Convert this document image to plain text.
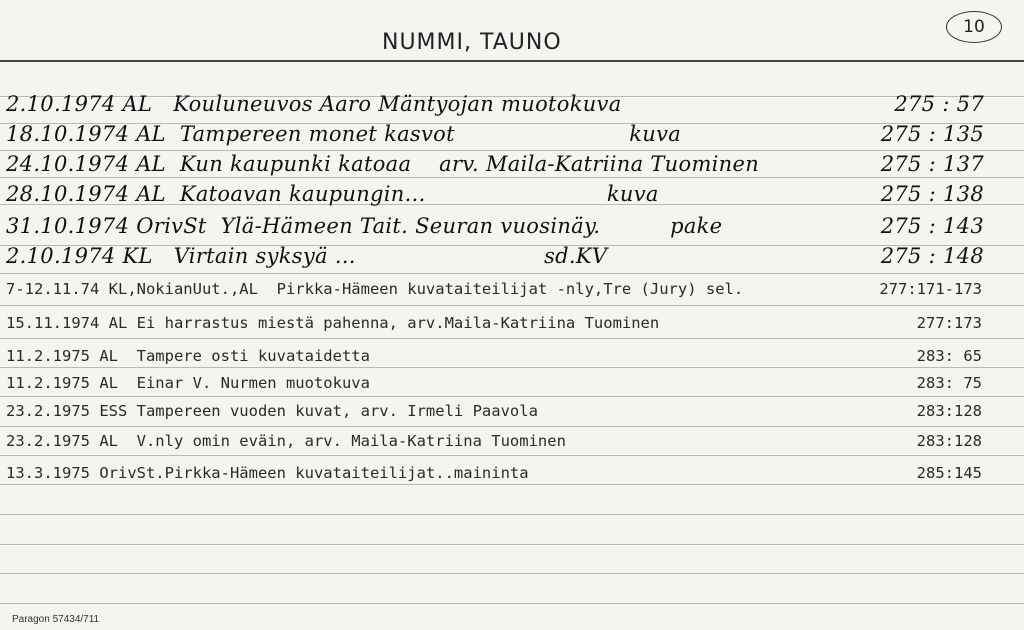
NUMMI, TAUNO
10
2.10.1974 AL   Kouluneuvos Aaro Mäntyojan muotokuva	275 : 57
18.10.1974 AL  Tampereen monet kasvot                         kuva	275 : 135
24.10.1974 AL  Kun kaupunki katoaa    arv. Maila-Katriina Tuominen	275 : 137
28.10.1974 AL  Katoavan kaupungin...                          kuva	275 : 138
31.10.1974 OrivSt  Ylä-Hämeen Tait. Seuran vuosinäy.          pake	275 : 143
2.10.1974 KL   Virtain syksyä ...                           sd.KV	275 : 148
7-12.11.74 KL,NokianUut.,AL  Pirkka-Hämeen kuvataiteilijat -nly,Tre (Jury) sel.	277:171-173
15.11.1974 AL Ei harrastus miestä pahenna, arv.Maila-Katriina Tuominen	277:173
11.2.1975 AL  Tampere osti kuvataidetta	283: 65
11.2.1975 AL  Einar V. Nurmen muotokuva	283: 75
23.2.1975 ESS Tampereen vuoden kuvat, arv. Irmeli Paavola	283:128
23.2.1975 AL  V.nly omin eväin, arv. Maila-Katriina Tuominen	283:128
13.3.1975 OrivSt.Pirkka-Hämeen kuvataiteilijat..maininta	285:145
Paragon 57434/711
